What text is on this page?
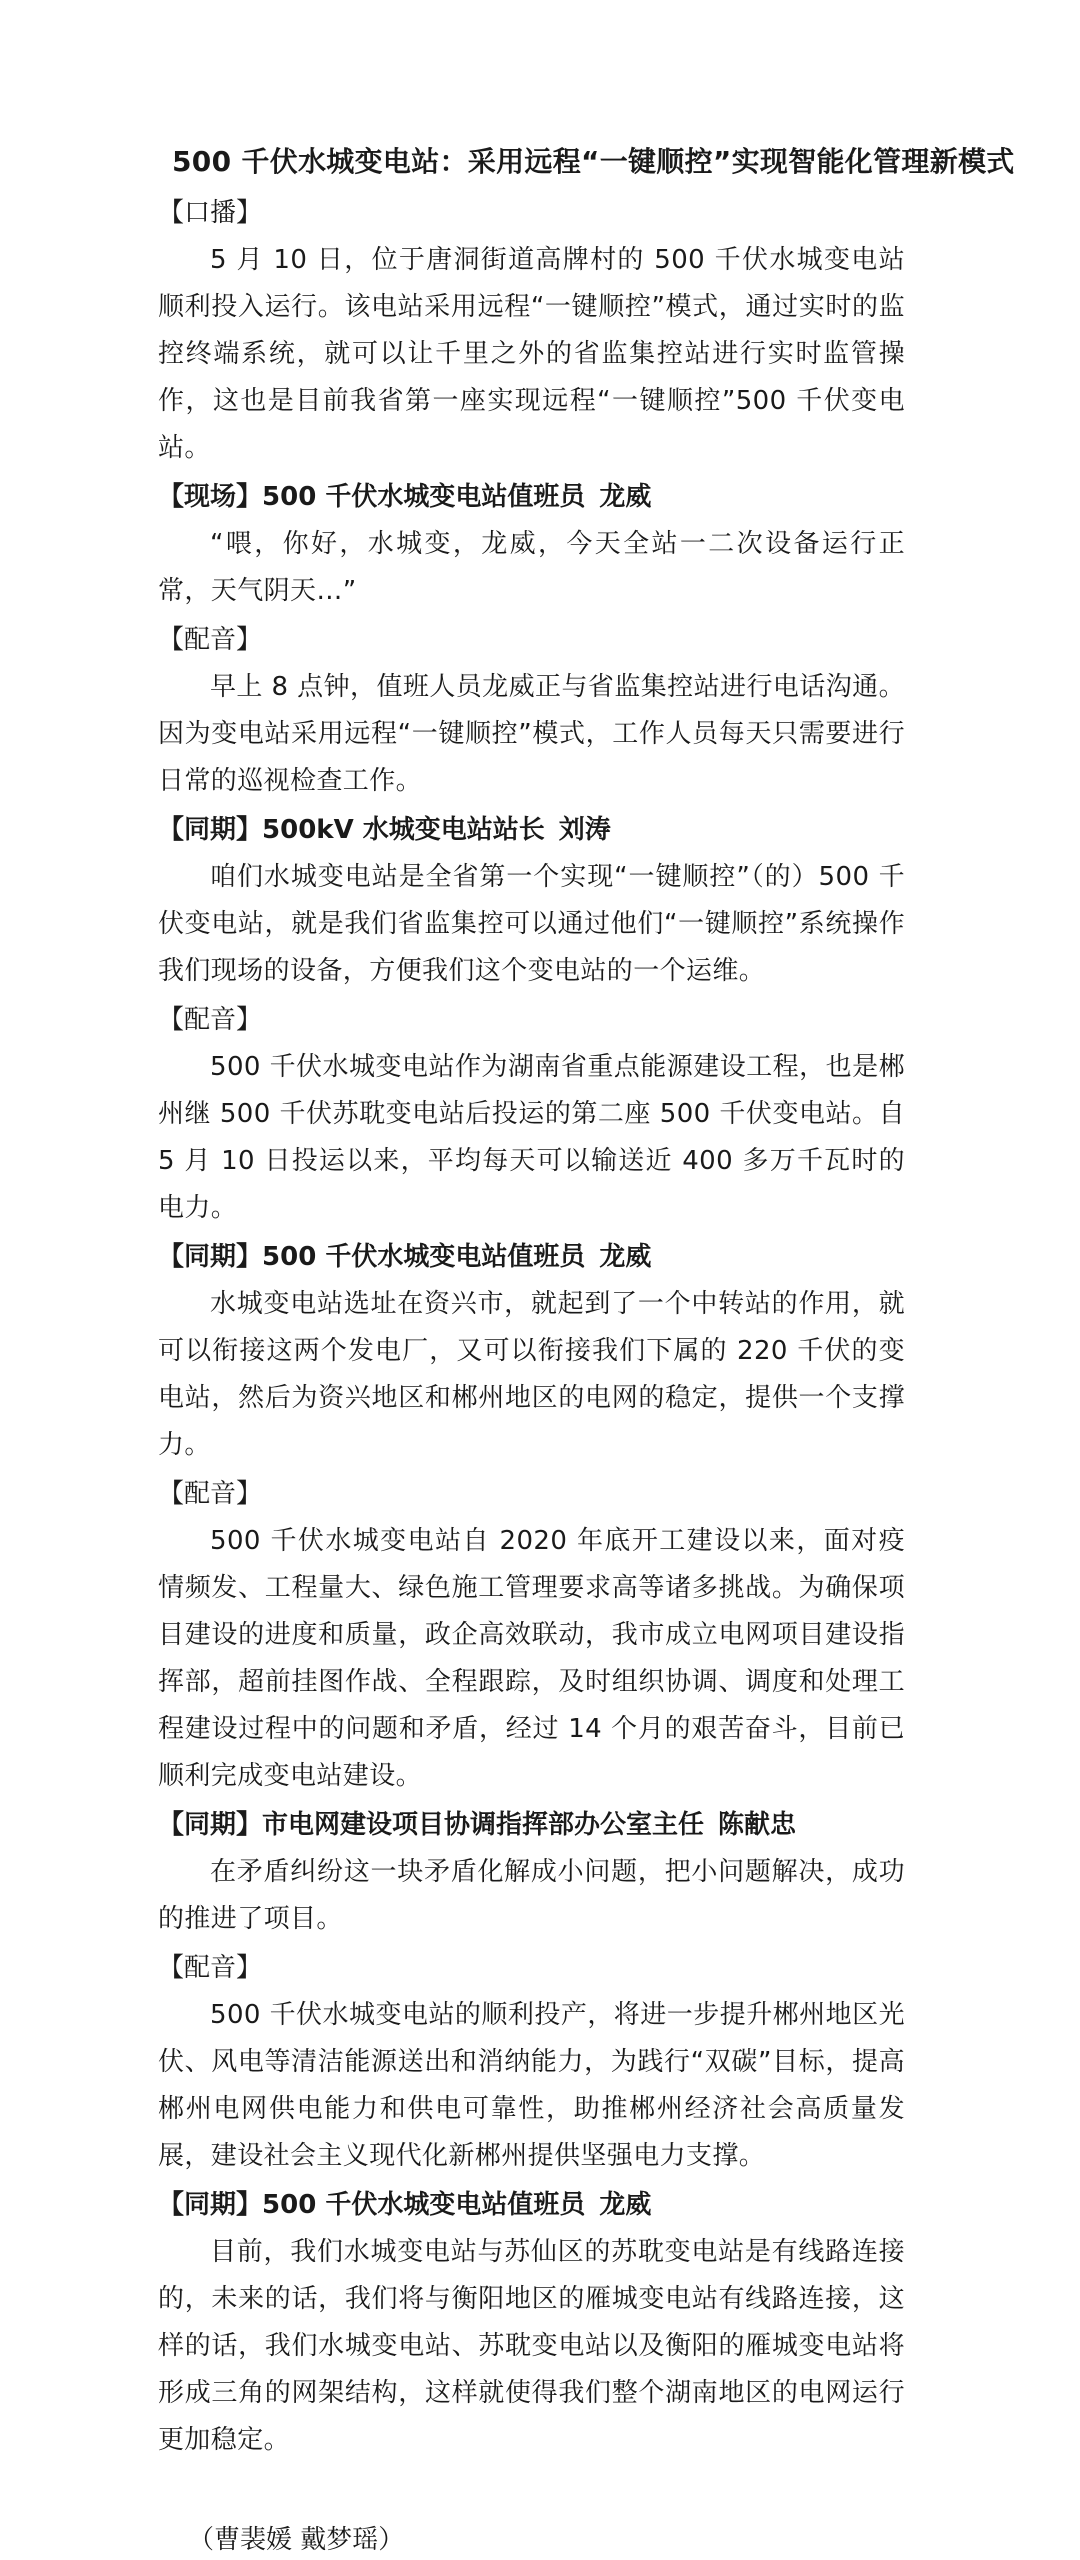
500 千伏水城变电站：采用远程“一键顺控”实现智能化管理新模式
【口播】
5 月 10 日，位于唐洞街道高牌村的 500 千伏水城变电站顺利投入运行。该电站采用远程“一键顺控”模式，通过实时的监控终端系统，就可以让千里之外的省监集控站进行实时监管操作，这也是目前我省第一座实现远程“一键顺控”500 千伏变电站。
【现场】500 千伏水城变电站值班员 龙威
“喂，你好，水城变，龙威，今天全站一二次设备运行正常，天气阴天…”
【配音】
早上 8 点钟，值班人员龙威正与省监集控站进行电话沟通。因为变电站采用远程“一键顺控”模式，工作人员每天只需要进行日常的巡视检查工作。
【同期】500kV 水城变电站站长 刘涛
咱们水城变电站是全省第一个实现“一键顺控”（的）500 千伏变电站，就是我们省监集控可以通过他们“一键顺控”系统操作我们现场的设备，方便我们这个变电站的一个运维。
【配音】
500 千伏水城变电站作为湖南省重点能源建设工程，也是郴州继 500 千伏苏耽变电站后投运的第二座 500 千伏变电站。自 5 月 10 日投运以来，平均每天可以输送近 400 多万千瓦时的电力。
【同期】500 千伏水城变电站值班员 龙威
水城变电站选址在资兴市，就起到了一个中转站的作用，就可以衔接这两个发电厂，又可以衔接我们下属的 220 千伏的变电站，然后为资兴地区和郴州地区的电网的稳定，提供一个支撑力。
【配音】
500 千伏水城变电站自 2020 年底开工建设以来，面对疫情频发、工程量大、绿色施工管理要求高等诸多挑战。为确保项目建设的进度和质量，政企高效联动，我市成立电网项目建设指挥部，超前挂图作战、全程跟踪，及时组织协调、调度和处理工程建设过程中的问题和矛盾，经过 14 个月的艰苦奋斗，目前已顺利完成变电站建设。
【同期】市电网建设项目协调指挥部办公室主任 陈献忠
在矛盾纠纷这一块矛盾化解成小问题，把小问题解决，成功的推进了项目。
【配音】
500 千伏水城变电站的顺利投产，将进一步提升郴州地区光伏、风电等清洁能源送出和消纳能力，为践行“双碳”目标，提高郴州电网供电能力和供电可靠性，助推郴州经济社会高质量发展，建设社会主义现代化新郴州提供坚强电力支撑。
【同期】500 千伏水城变电站值班员 龙威
目前，我们水城变电站与苏仙区的苏耽变电站是有线路连接的，未来的话，我们将与衡阳地区的雁城变电站有线路连接，这样的话，我们水城变电站、苏耽变电站以及衡阳的雁城变电站将形成三角的网架结构，这样就使得我们整个湖南地区的电网运行更加稳定。
（曹裴媛 戴梦瑶）
